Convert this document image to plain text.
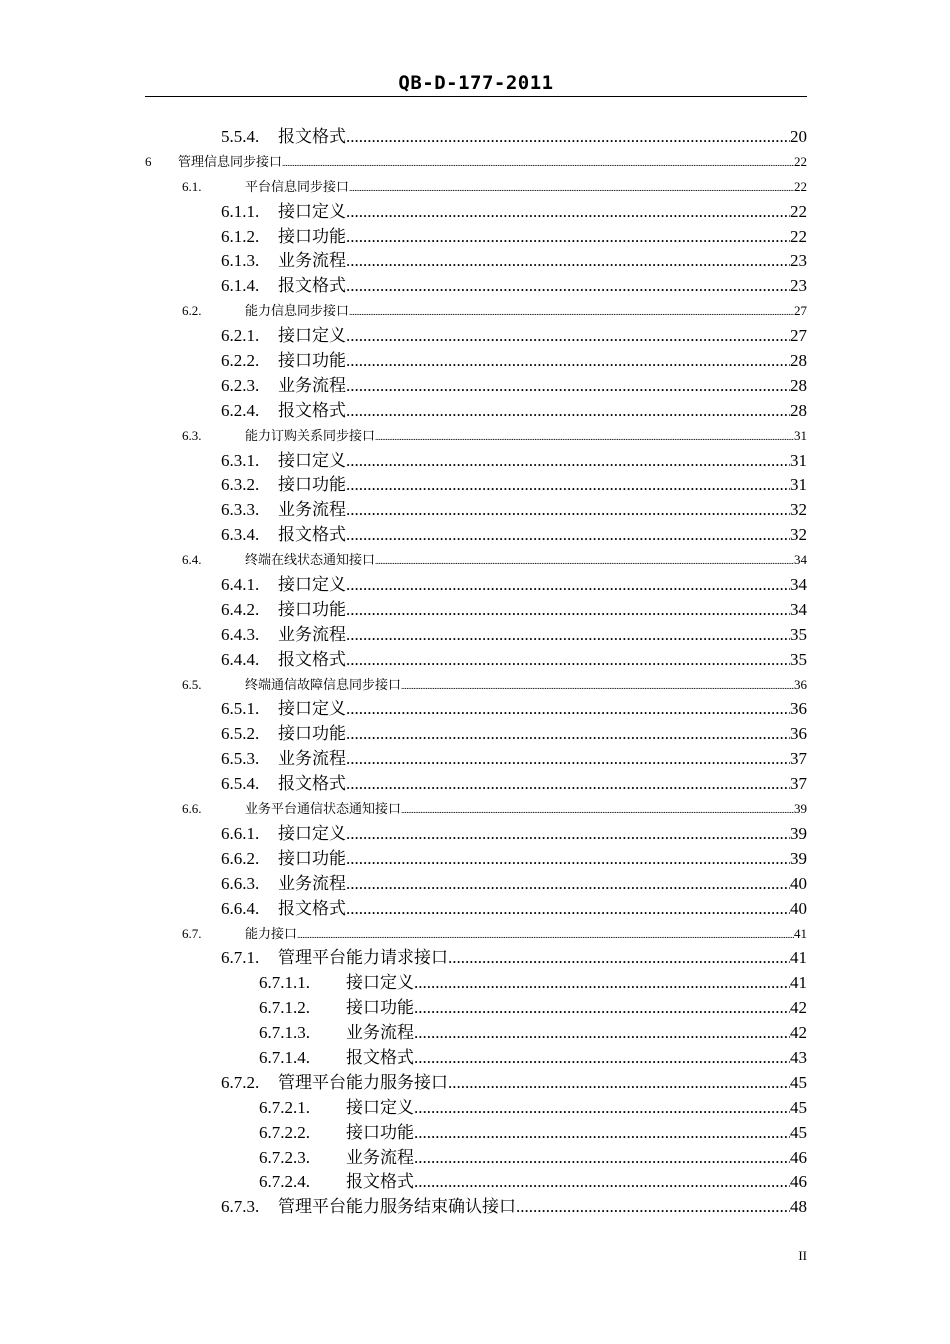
QB-D-177-2011
5.5.4.	报文格式 .....	20
6	管理信息同步接口 .....	22
6.1.	平台信息同步接口 .....	22
6.1.1.	接口定义 .....	22
6.1.2.	接口功能 .....	22
6.1.3.	业务流程 .....	23
6.1.4.	报文格式 .....	23
6.2.	能力信息同步接口 .....	27
6.2.1.	接口定义 .....	27
6.2.2.	接口功能 .....	28
6.2.3.	业务流程 .....	28
6.2.4.	报文格式 .....	28
6.3.	能力订购关系同步接口 .....	31
6.3.1.	接口定义 .....	31
6.3.2.	接口功能 .....	31
6.3.3.	业务流程 .....	32
6.3.4.	报文格式 .....	32
6.4.	终端在线状态通知接口 .....	34
6.4.1.	接口定义 .....	34
6.4.2.	接口功能 .....	34
6.4.3.	业务流程 .....	35
6.4.4.	报文格式 .....	35
6.5.	终端通信故障信息同步接口 .....	36
6.5.1.	接口定义 .....	36
6.5.2.	接口功能 .....	36
6.5.3.	业务流程 .....	37
6.5.4.	报文格式 .....	37
6.6.	业务平台通信状态通知接口 .....	39
6.6.1.	接口定义 .....	39
6.6.2.	接口功能 .....	39
6.6.3.	业务流程 .....	40
6.6.4.	报文格式 .....	40
6.7.	能力接口 .....	41
6.7.1.	管理平台能力请求接口 .....	41
6.7.1.1.	接口定义 .....	41
6.7.1.2.	接口功能 .....	42
6.7.1.3.	业务流程 .....	42
6.7.1.4.	报文格式 .....	43
6.7.2.	管理平台能力服务接口 .....	45
6.7.2.1.	接口定义 .....	45
6.7.2.2.	接口功能 .....	45
6.7.2.3.	业务流程 .....	46
6.7.2.4.	报文格式 .....	46
6.7.3.	管理平台能力服务结束确认接口 .....	48
II
